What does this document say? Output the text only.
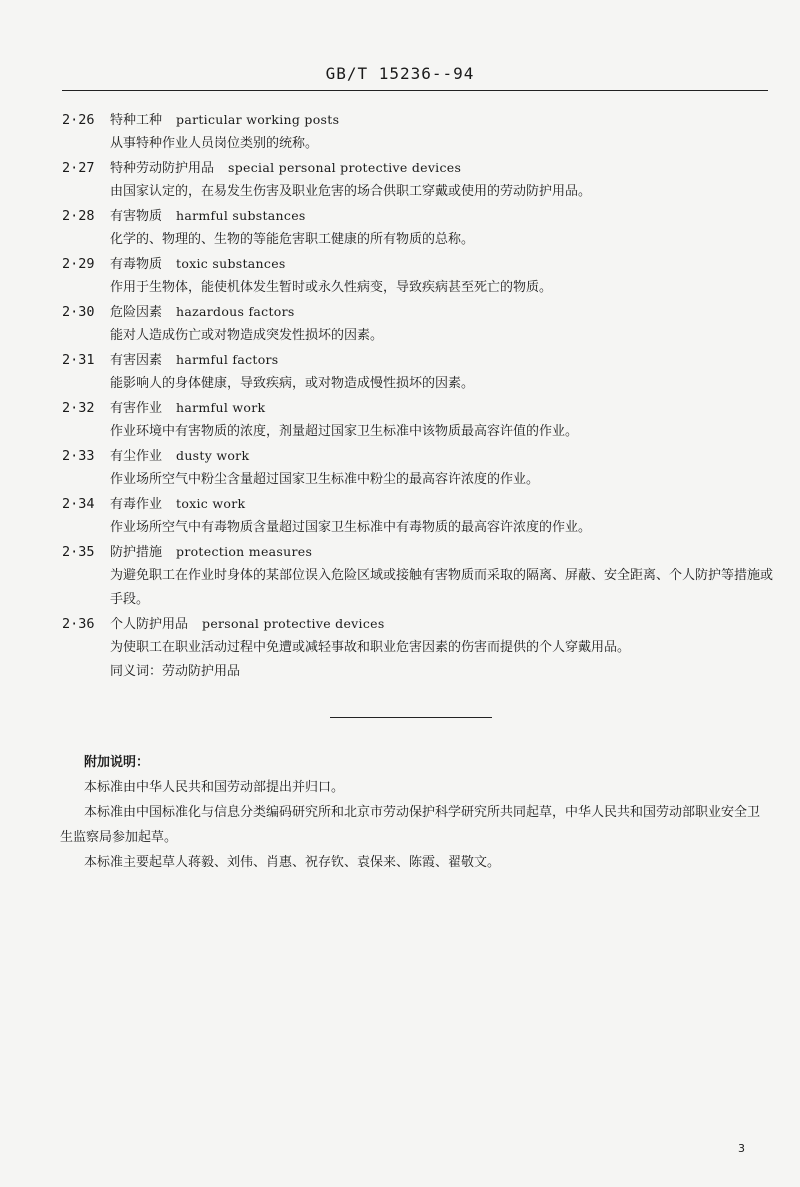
GB/T 15236--94
2·26	特种工种 particular working posts
从事特种作业人员岗位类别的统称。
2·27	特种劳动防护用品 special personal protective devices
由国家认定的，在易发生伤害及职业危害的场合供职工穿戴或使用的劳动防护用品。
2·28	有害物质 harmful substances
化学的、物理的、生物的等能危害职工健康的所有物质的总称。
2·29	有毒物质 toxic substances
作用于生物体，能使机体发生暂时或永久性病变，导致疾病甚至死亡的物质。
2·30	危险因素 hazardous factors
能对人造成伤亡或对物造成突发性损坏的因素。
2·31	有害因素 harmful factors
能影响人的身体健康，导致疾病，或对物造成慢性损坏的因素。
2·32	有害作业 harmful work
作业环境中有害物质的浓度，剂量超过国家卫生标准中该物质最高容许值的作业。
2·33	有尘作业 dusty work
作业场所空气中粉尘含量超过国家卫生标准中粉尘的最高容许浓度的作业。
2·34	有毒作业 toxic work
作业场所空气中有毒物质含量超过国家卫生标准中有毒物质的最高容许浓度的作业。
2·35	防护措施 protection measures
为避免职工在作业时身体的某部位误入危险区域或接触有害物质而采取的隔离、屏蔽、安全距离、个人防护等措施或手段。
2·36	个人防护用品 personal protective devices
为使职工在职业活动过程中免遭或减轻事故和职业危害因素的伤害而提供的个人穿戴用品。
同义词：劳动防护用品
附加说明：

本标准由中华人民共和国劳动部提出并归口。

本标准由中国标准化与信息分类编码研究所和北京市劳动保护科学研究所共同起草，中华人民共和国劳动部职业安全卫生监察局参加起草。

本标准主要起草人蒋毅、刘伟、肖惠、祝存钦、袁保来、陈霞、翟敬文。

3
